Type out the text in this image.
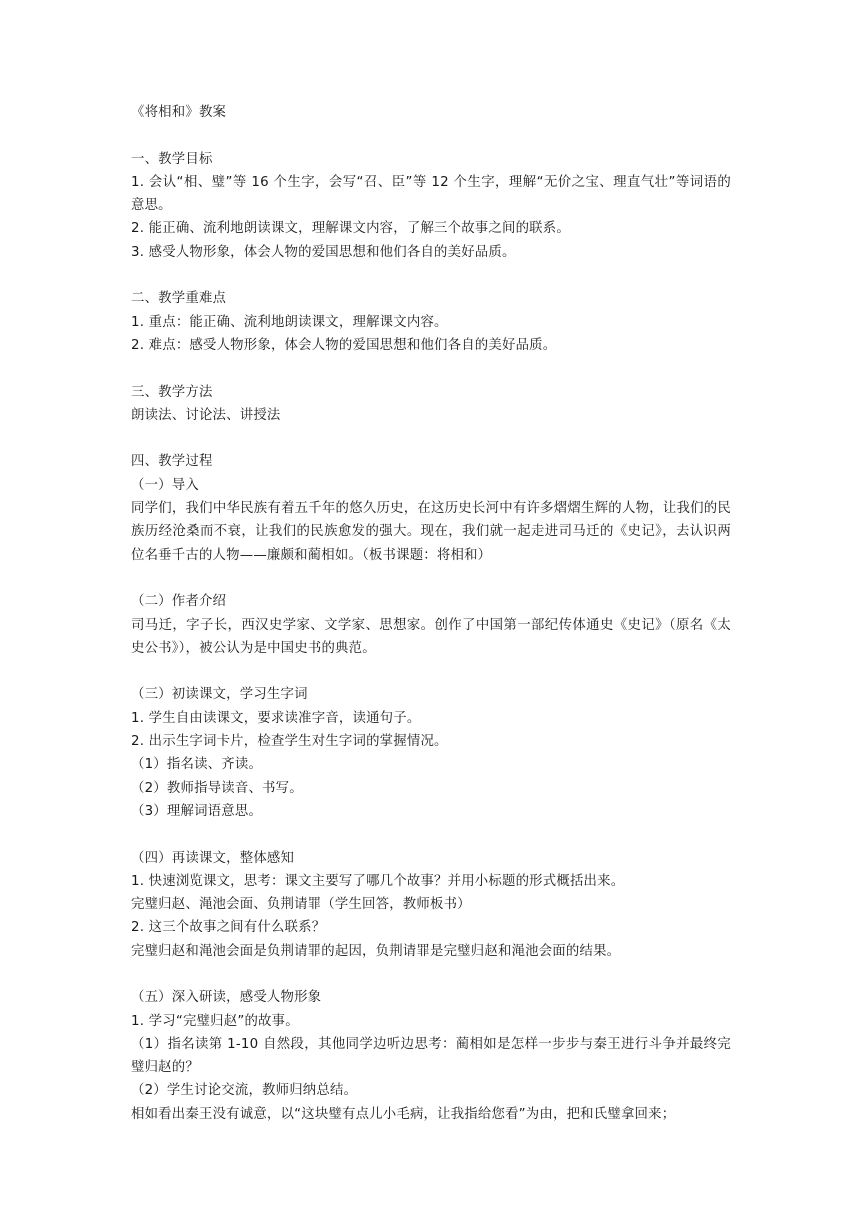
《将相和》教案
一、教学目标
1. 会认“相、璧”等 16 个生字，会写“召、臣”等 12 个生字，理解“无价之宝、理直气壮”等词语的意思。
2. 能正确、流利地朗读课文，理解课文内容，了解三个故事之间的联系。
3. 感受人物形象，体会人物的爱国思想和他们各自的美好品质。
二、教学重难点
1. 重点：能正确、流利地朗读课文，理解课文内容。
2. 难点：感受人物形象，体会人物的爱国思想和他们各自的美好品质。
三、教学方法
朗读法、讨论法、讲授法
四、教学过程
（一）导入
同学们，我们中华民族有着五千年的悠久历史，在这历史长河中有许多熠熠生辉的人物，让我们的民族历经沧桑而不衰，让我们的民族愈发的强大。现在，我们就一起走进司马迁的《史记》，去认识两位名垂千古的人物——廉颇和蔺相如。（板书课题：将相和）
（二）作者介绍
司马迁，字子长，西汉史学家、文学家、思想家。创作了中国第一部纪传体通史《史记》（原名《太史公书》），被公认为是中国史书的典范。
（三）初读课文，学习生字词
1. 学生自由读课文，要求读准字音，读通句子。
2. 出示生字词卡片，检查学生对生字词的掌握情况。
（1）指名读、齐读。
（2）教师指导读音、书写。
（3）理解词语意思。
（四）再读课文，整体感知
1. 快速浏览课文，思考：课文主要写了哪几个故事？并用小标题的形式概括出来。
完璧归赵、渑池会面、负荆请罪（学生回答，教师板书）
2. 这三个故事之间有什么联系？
完璧归赵和渑池会面是负荆请罪的起因，负荆请罪是完璧归赵和渑池会面的结果。
（五）深入研读，感受人物形象
1. 学习“完璧归赵”的故事。
（1）指名读第 1-10 自然段，其他同学边听边思考：蔺相如是怎样一步步与秦王进行斗争并最终完璧归赵的？
（2）学生讨论交流，教师归纳总结。
相如看出秦王没有诚意，以“这块璧有点儿小毛病，让我指给您看”为由，把和氏璧拿回来；
